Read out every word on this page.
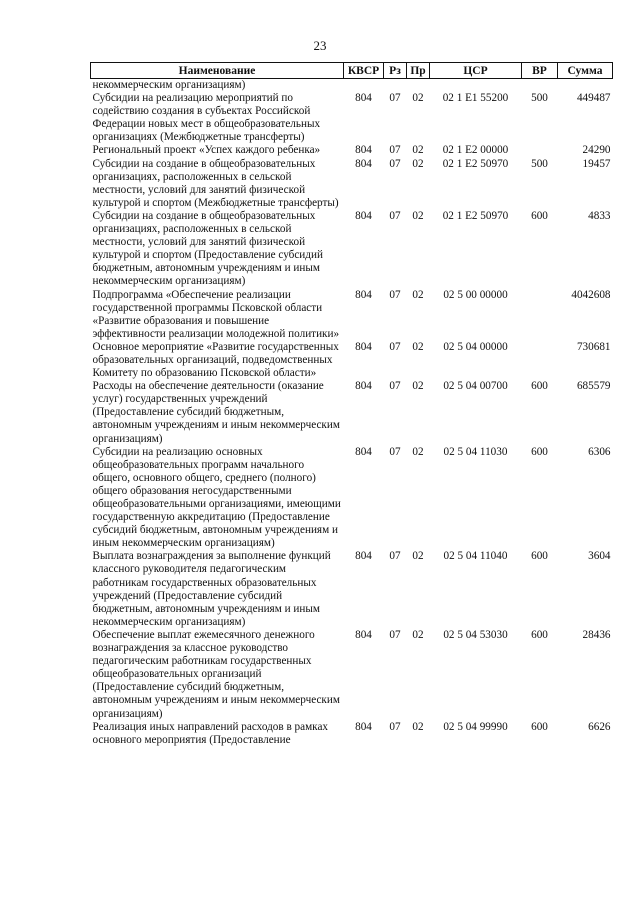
23
Наименование	КВСР	Рз	Пр	ЦСР	ВР	Сумма
некоммерческим организациям)						
Субсидии на реализацию мероприятий по содействию создания в субъектах Российской Федерации новых мест в общеобразовательных организациях (Межбюджетные трансферты)	804	07	02	02 1 E1 55200	500	449487
Региональный проект «Успех каждого ребенка»	804	07	02	02 1 E2 00000		24290
Субсидии на создание в общеобразовательных организациях, расположенных в сельской местности, условий для занятий физической культурой и спортом (Межбюджетные трансферты)	804	07	02	02 1 E2 50970	500	19457
Субсидии на создание в общеобразовательных организациях, расположенных в сельской местности, условий для занятий физической культурой и спортом (Предоставление субсидий бюджетным, автономным учреждениям и иным некоммерческим организациям)	804	07	02	02 1 E2 50970	600	4833
Подпрограмма «Обеспечение реализации государственной программы Псковской области «Развитие образования и повышение эффективности реализации молодежной политики»	804	07	02	02 5 00 00000		4042608
Основное мероприятие «Развитие государственных образовательных организаций, подведомственных Комитету по образованию Псковской области»	804	07	02	02 5 04 00000		730681
Расходы на обеспечение деятельности (оказание услуг) государственных учреждений (Предоставление субсидий бюджетным, автономным учреждениям и иным некоммерческим организациям)	804	07	02	02 5 04 00700	600	685579
Субсидии на реализацию основных общеобразовательных программ начального общего, основного общего, среднего (полного) общего образования негосударственными общеобразовательными организациями, имеющими государственную аккредитацию (Предоставление субсидий бюджетным, автономным учреждениям и иным некоммерческим организациям)	804	07	02	02 5 04 11030	600	6306
Выплата вознаграждения за выполнение функций классного руководителя педагогическим работникам государственных образовательных учреждений (Предоставление субсидий бюджетным, автономным учреждениям и иным некоммерческим организациям)	804	07	02	02 5 04 11040	600	3604
Обеспечение выплат ежемесячного денежного вознаграждения за классное руководство педагогическим работникам государственных общеобразовательных организаций (Предоставление субсидий бюджетным, автономным учреждениям и иным некоммерческим организациям)	804	07	02	02 5 04 53030	600	28436
Реализация иных направлений расходов в рамках основного мероприятия (Предоставление	804	07	02	02 5 04 99990	600	6626
